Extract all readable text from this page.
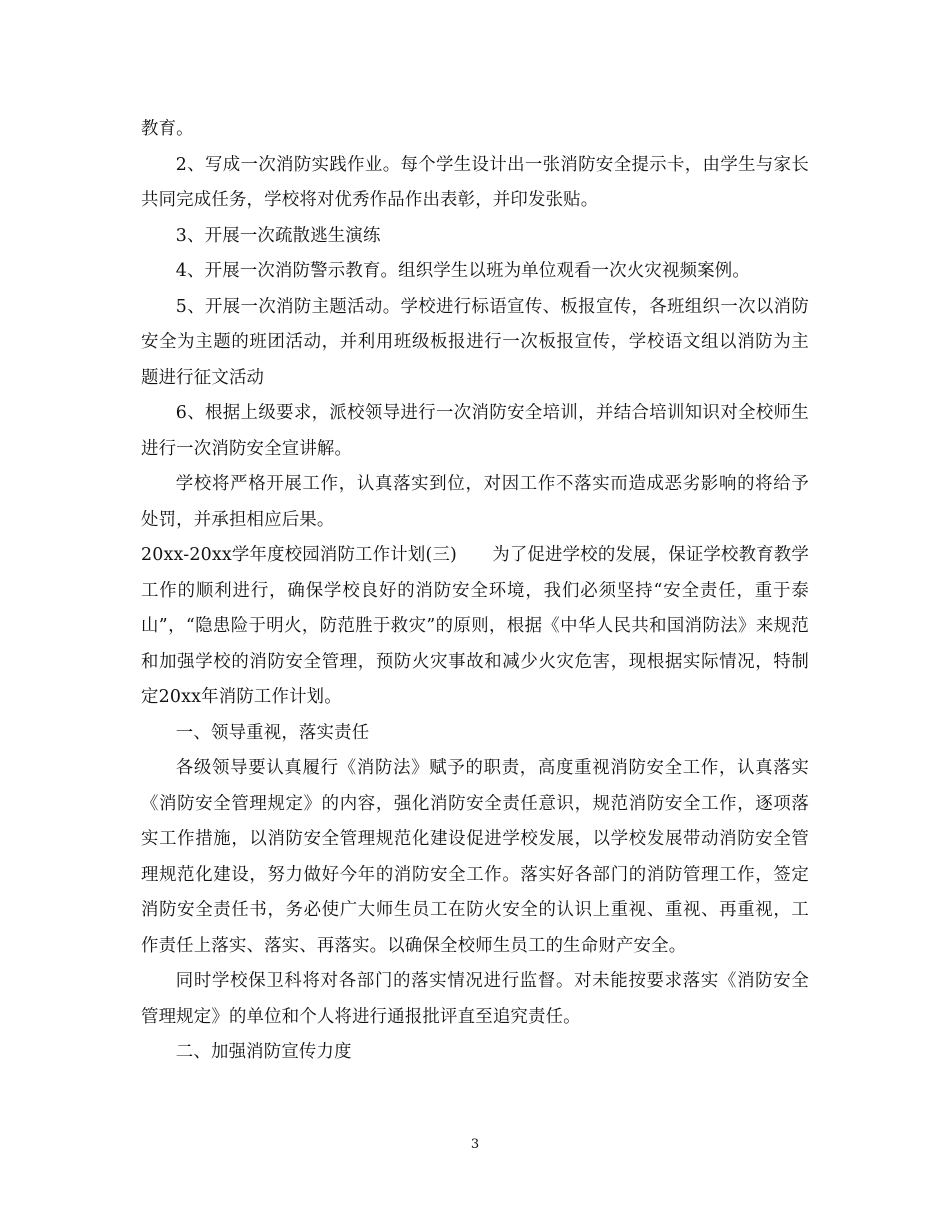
教育。

2、写成一次消防实践作业。每个学生设计出一张消防安全提示卡，由学生与家长共同完成任务，学校将对优秀作品作出表彰，并印发张贴。

3、开展一次疏散逃生演练

4、开展一次消防警示教育。组织学生以班为单位观看一次火灾视频案例。

5、开展一次消防主题活动。学校进行标语宣传、板报宣传，各班组织一次以消防安全为主题的班团活动，并利用班级板报进行一次板报宣传，学校语文组以消防为主题进行征文活动

6、根据上级要求，派校领导进行一次消防安全培训，并结合培训知识对全校师生进行一次消防安全宣讲解。

学校将严格开展工作，认真落实到位，对因工作不落实而造成恶劣影响的将给予处罚，并承担相应后果。

20xx-20xx学年度校园消防工作计划(三)　　为了促进学校的发展，保证学校教育教学工作的顺利进行，确保学校良好的消防安全环境，我们必须坚持“安全责任，重于泰山”，“隐患险于明火，防范胜于救灾”的原则，根据《中华人民共和国消防法》来规范和加强学校的消防安全管理，预防火灾事故和减少火灾危害，现根据实际情况，特制定20xx年消防工作计划。

一、领导重视，落实责任

各级领导要认真履行《消防法》赋予的职责，高度重视消防安全工作，认真落实《消防安全管理规定》的内容，强化消防安全责任意识，规范消防安全工作，逐项落实工作措施，以消防安全管理规范化建设促进学校发展，以学校发展带动消防安全管理规范化建设，努力做好今年的消防安全工作。落实好各部门的消防管理工作，签定消防安全责任书，务必使广大师生员工在防火安全的认识上重视、重视、再重视，工作责任上落实、落实、再落实。以确保全校师生员工的生命财产安全。

同时学校保卫科将对各部门的落实情况进行监督。对未能按要求落实《消防安全管理规定》的单位和个人将进行通报批评直至追究责任。

二、加强消防宣传力度

3
